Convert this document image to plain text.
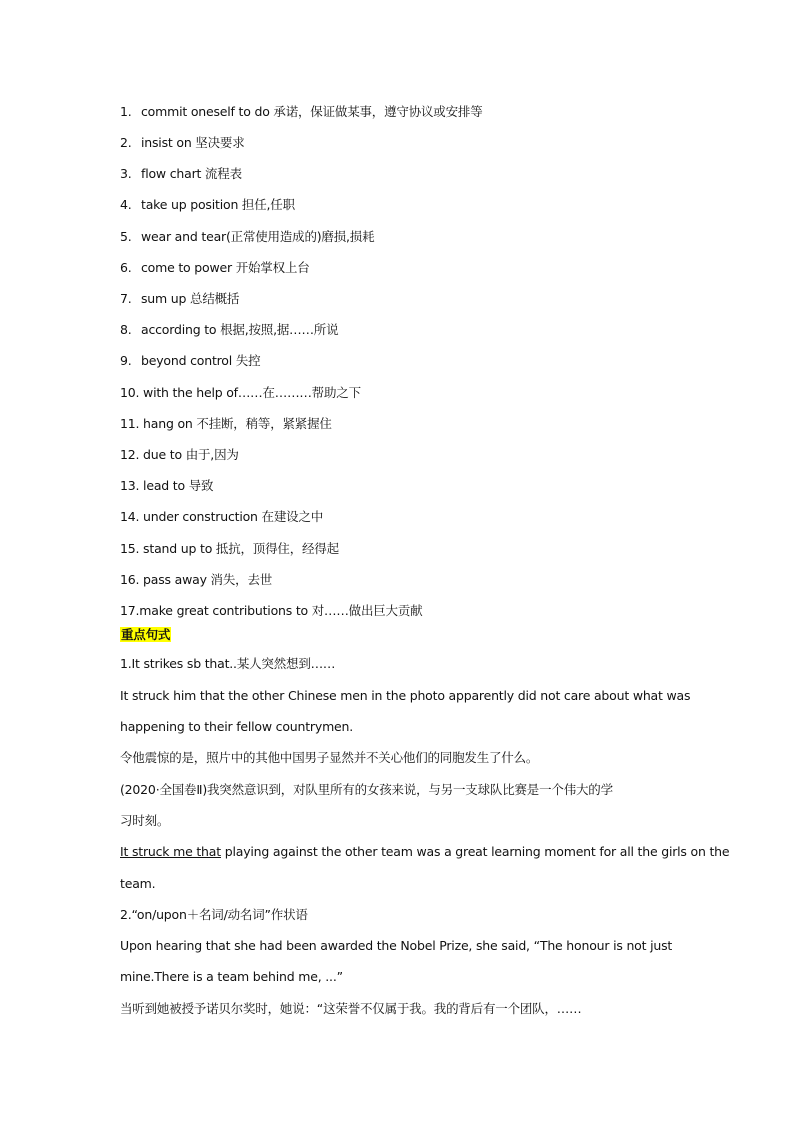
1. commit oneself to do 承诺，保证做某事，遵守协议或安排等
2. insist on 坚决要求
3. flow chart 流程表
4. take up position 担任,任职
5. wear and tear(正常使用造成的)磨损,损耗
6. come to power 开始掌权上台
7. sum up 总结概括
8. according to 根据,按照,据……所说
9. beyond control 失控
10. with the help of……在………帮助之下
11. hang on 不挂断，稍等，紧紧握住
12. due to 由于,因为
13. lead to 导致
14. under construction 在建设之中
15. stand up to 抵抗，顶得住，经得起
16. pass away 消失，去世
17.make great contributions to 对……做出巨大贡献
重点句式
1.It strikes sb that..某人突然想到……
It struck him that the other Chinese men in the photo apparently did not care about what was
happening to their fellow countrymen.
令他震惊的是，照片中的其他中国男子显然并不关心他们的同胞发生了什么。
(2020·全国卷Ⅱ)我突然意识到，对队里所有的女孩来说，与另一支球队比赛是一个伟大的学
习时刻。
It struck me that playing against the other team was a great learning moment for all the girls on the
team.
2.“on/upon＋名词/动名词”作状语
Upon hearing that she had been awarded the Nobel Prize, she said, “The honour is not just
mine.There is a team behind me, ...”
当听到她被授予诺贝尔奖时，她说：“这荣誉不仅属于我。我的背后有一个团队，……
